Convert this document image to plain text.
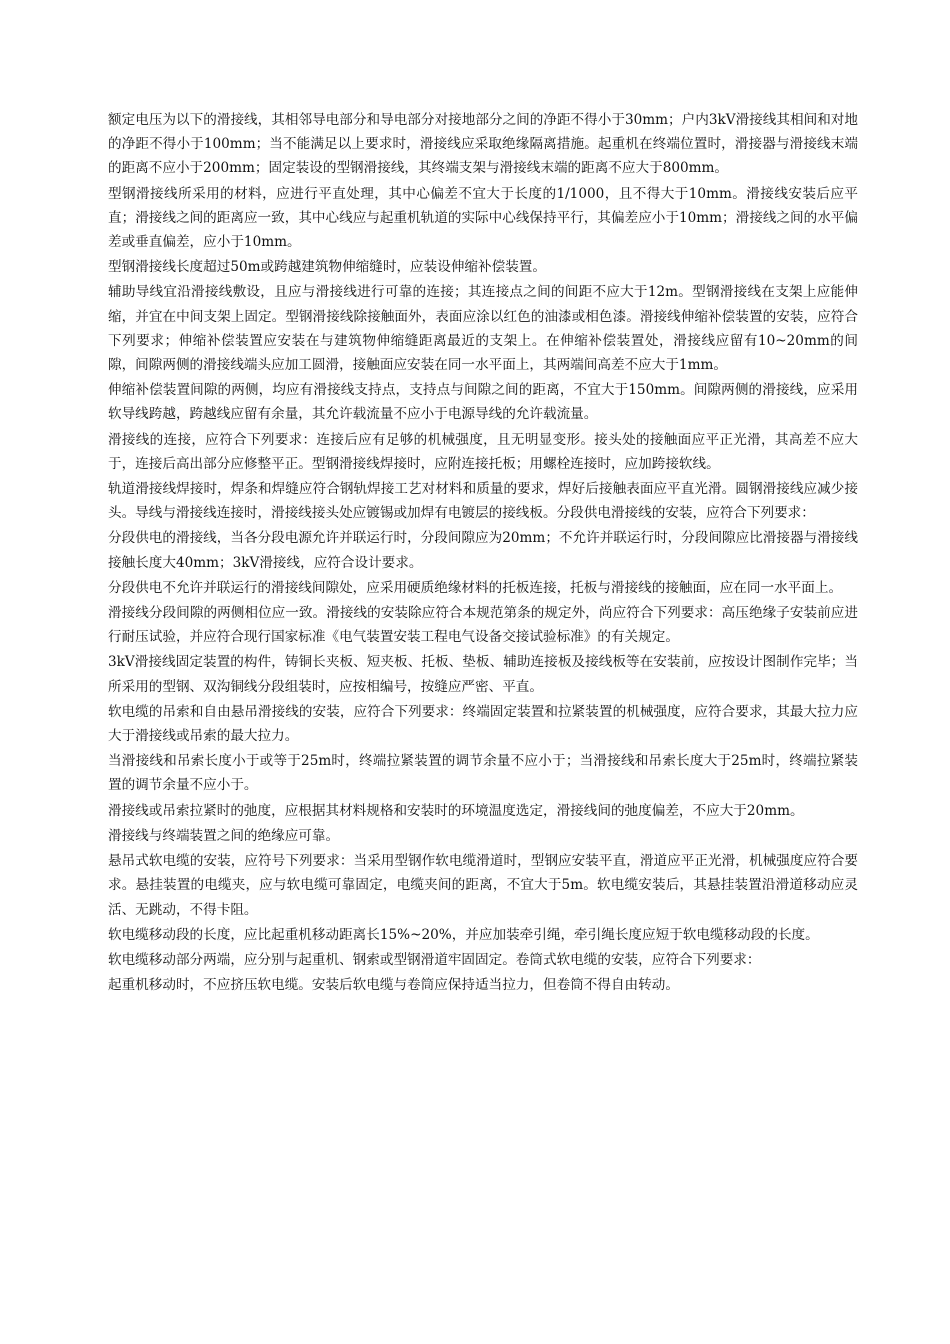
额定电压为以下的滑接线，其相邻导电部分和导电部分对接地部分之间的净距不得小于30mm；户内3kV滑接线其相间和对地的净距不得小于100mm；当不能满足以上要求时，滑接线应采取绝缘隔离措施。起重机在终端位置时，滑接器与滑接线末端的距离不应小于200mm；固定装设的型钢滑接线，其终端支架与滑接线末端的距离不应大于800mm。

型钢滑接线所采用的材料，应进行平直处理，其中心偏差不宜大于长度的1/1000，且不得大于10mm。滑接线安装后应平直；滑接线之间的距离应一致，其中心线应与起重机轨道的实际中心线保持平行，其偏差应小于10mm；滑接线之间的水平偏差或垂直偏差，应小于10mm。

型钢滑接线长度超过50m或跨越建筑物伸缩缝时，应装设伸缩补偿装置。

辅助导线宜沿滑接线敷设，且应与滑接线进行可靠的连接；其连接点之间的间距不应大于12m。型钢滑接线在支架上应能伸缩，并宜在中间支架上固定。型钢滑接线除接触面外，表面应涂以红色的油漆或相色漆。滑接线伸缩补偿装置的安装，应符合下列要求；伸缩补偿装置应安装在与建筑物伸缩缝距离最近的支架上。在伸缩补偿装置处，滑接线应留有10~20mm的间隙，间隙两侧的滑接线端头应加工圆滑，接触面应安装在同一水平面上，其两端间高差不应大于1mm。

伸缩补偿装置间隙的两侧，均应有滑接线支持点，支持点与间隙之间的距离，不宜大于150mm。间隙两侧的滑接线，应采用软导线跨越，跨越线应留有余量，其允许载流量不应小于电源导线的允许载流量。

滑接线的连接，应符合下列要求：连接后应有足够的机械强度，且无明显变形。接头处的接触面应平正光滑，其高差不应大于，连接后高出部分应修整平正。型钢滑接线焊接时，应附连接托板；用螺栓连接时，应加跨接软线。

轨道滑接线焊接时，焊条和焊缝应符合钢轨焊接工艺对材料和质量的要求，焊好后接触表面应平直光滑。圆钢滑接线应减少接头。导线与滑接线连接时，滑接线接头处应镀锡或加焊有电镀层的接线板。分段供电滑接线的安装，应符合下列要求：

分段供电的滑接线，当各分段电源允许并联运行时，分段间隙应为20mm；不允许并联运行时，分段间隙应比滑接器与滑接线接触长度大40mm；3kV滑接线，应符合设计要求。

分段供电不允许并联运行的滑接线间隙处，应采用硬质绝缘材料的托板连接，托板与滑接线的接触面，应在同一水平面上。

滑接线分段间隙的两侧相位应一致。滑接线的安装除应符合本规范第条的规定外，尚应符合下列要求：高压绝缘子安装前应进行耐压试验，并应符合现行国家标准《电气装置安装工程电气设备交接试验标准》的有关规定。

3kV滑接线固定装置的构件，铸铜长夹板、短夹板、托板、垫板、辅助连接板及接线板等在安装前，应按设计图制作完毕；当所采用的型钢、双沟铜线分段组装时，应按相编号，按缝应严密、平直。

软电缆的吊索和自由悬吊滑接线的安装，应符合下列要求：终端固定装置和拉紧装置的机械强度，应符合要求，其最大拉力应大于滑接线或吊索的最大拉力。

当滑接线和吊索长度小于或等于25m时，终端拉紧装置的调节余量不应小于；当滑接线和吊索长度大于25m时，终端拉紧装置的调节余量不应小于。

滑接线或吊索拉紧时的弛度，应根据其材料规格和安装时的环境温度选定，滑接线间的弛度偏差，不应大于20mm。

滑接线与终端装置之间的绝缘应可靠。

悬吊式软电缆的安装，应符号下列要求：当采用型钢作软电缆滑道时，型钢应安装平直，滑道应平正光滑，机械强度应符合要求。悬挂装置的电缆夹，应与软电缆可靠固定，电缆夹间的距离，不宜大于5m。软电缆安装后，其悬挂装置沿滑道移动应灵活、无跳动，不得卡阻。

软电缆移动段的长度，应比起重机移动距离长15%~20%，并应加装牵引绳，牵引绳长度应短于软电缆移动段的长度。

软电缆移动部分两端，应分别与起重机、钢索或型钢滑道牢固固定。卷筒式软电缆的安装，应符合下列要求：

起重机移动时，不应挤压软电缆。安装后软电缆与卷筒应保持适当拉力，但卷筒不得自由转动。
